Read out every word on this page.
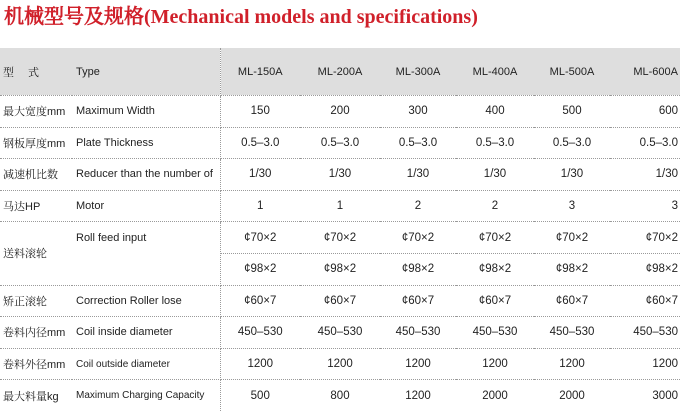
机械型号及规格(Mechanical models and specifications)
型　 式	Type	ML-150A	ML-200A	ML-300A	ML-400A	ML-500A	ML-600A
最大宽度mm	Maximum Width	150	200	300	400	500	600
钢板厚度mm	Plate Thickness	0.5–3.0	0.5–3.0	0.5–3.0	0.5–3.0	0.5–3.0	0.5–3.0
减速机比数	Reducer than the number of	1/30	1/30	1/30	1/30	1/30	1/30
马达HP	Motor	1	1	2	2	3	3
送料滚轮	Roll feed input	¢70×2	¢70×2	¢70×2	¢70×2	¢70×2	¢70×2
		¢98×2	¢98×2	¢98×2	¢98×2	¢98×2	¢98×2
矫正滚轮	Correction Roller lose	¢60×7	¢60×7	¢60×7	¢60×7	¢60×7	¢60×7
卷料内径mm	Coil inside diameter	450–530	450–530	450–530	450–530	450–530	450–530
卷料外径mm	Coil outside diameter	1200	1200	1200	1200	1200	1200
最大料量kg	Maximum Charging Capacity	500	800	1200	2000	2000	3000
